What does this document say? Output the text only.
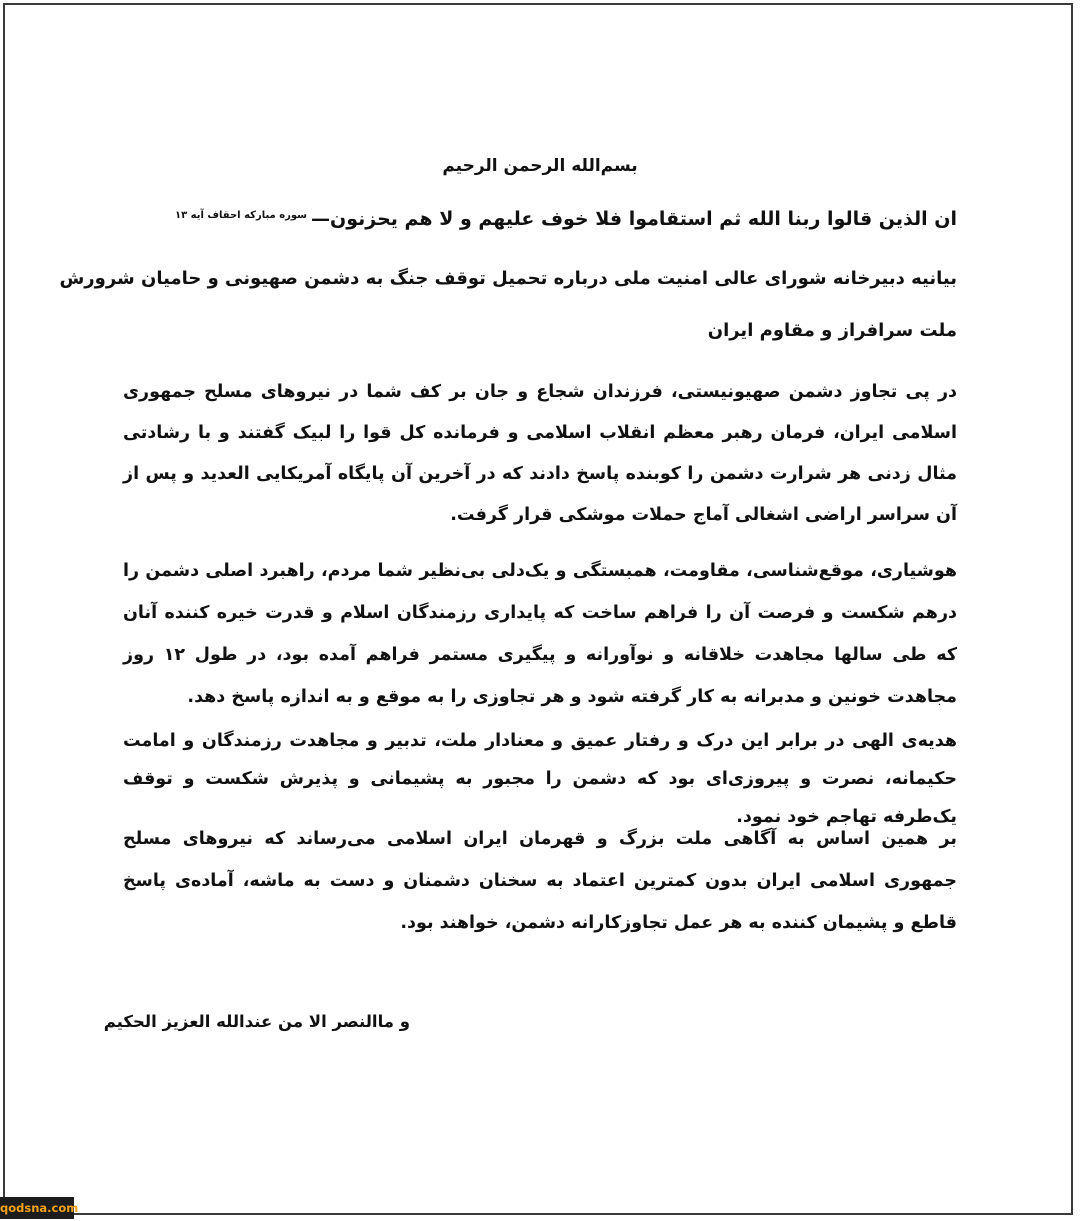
بسم‌الله الرحمن الرحیم
ان الذین قالوا ربنا الله ثم استقاموا فلا خوف علیهم و لا هم یحزنون—$^{سوره مبارکه احقاف آیه ۱۳}$
بیانیه دبیرخانه شورای عالی امنیت ملی درباره تحمیل توقف جنگ به دشمن صهیونی و حامیان شرورش
ملت سرافراز و مقاوم ایران

در پی تجاوز دشمن صهیونیستی، فرزندان شجاع و جان بر کف شما در نیروهای مسلح جمهوری اسلامی ایران، فرمان رهبر معظم انقلاب اسلامی و فرمانده کل قوا را لبیک گفتند و با رشادتی مثال زدنی هر شرارت دشمن را کوبنده پاسخ دادند که در آخرین آن پایگاه آمریکایی العدید و پس از آن سراسر اراضی اشغالی آماج حملات موشکی قرار گرفت.

هوشیاری، موقع‌شناسی، مقاومت، همبستگی و یک‌دلی بی‌نظیر شما مردم، راهبرد اصلی دشمن را درهم شکست و فرصت آن را فراهم ساخت که پایداری رزمندگان اسلام و قدرت خیره کننده آنان که طی سالها مجاهدت خلاقانه و نوآورانه و پیگیری مستمر فراهم آمده بود، در طول ۱۲ روز مجاهدت خونین و مدبرانه به کار گرفته شود و هر تجاوزی را به موقع و به اندازه پاسخ دهد.

هدیه‌ی الهی در برابر این درک و رفتار عمیق و معنادار ملت، تدبیر و مجاهدت رزمندگان و امامت حکیمانه، نصرت و پیروزی‌ای بود که دشمن را مجبور به پشیمانی و پذیرش شکست و توقف یک‌طرفه تهاجم خود نمود.

بر همین اساس به آگاهی ملت بزرگ و قهرمان ایران اسلامی می‌رساند که نیروهای مسلح جمهوری اسلامی ایران بدون کمترین اعتماد به سخنان دشمنان و دست به ماشه، آماده‌ی پاسخ قاطع و پشیمان کننده به هر عمل تجاوزکارانه دشمن، خواهند بود.

و ماالنصر الا من عندالله العزیز الحکیم
qodsna.com
